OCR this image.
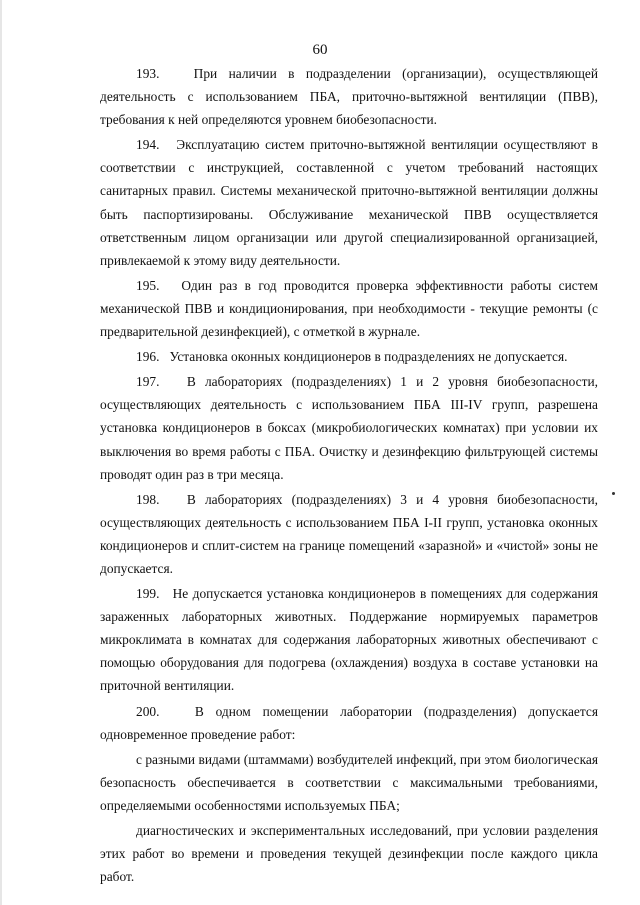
60

193.   При наличии в подразделении (организации), осуществляющей деятельность с использованием ПБА, приточно-вытяжной вентиляции (ПВВ), требования к ней определяются уровнем биобезопасности.

194.   Эксплуатацию систем приточно-вытяжной вентиляции осуществляют в соответствии с инструкцией, составленной с учетом требований настоящих санитарных правил. Системы механической приточно-вытяжной вентиляции должны быть паспортизированы. Обслуживание механической ПВВ осуществляется ответственным лицом организации или другой специализированной организацией, привлекаемой к этому виду деятельности.

195.   Один раз в год проводится проверка эффективности работы систем механической ПВВ и кондиционирования, при необходимости - текущие ремонты (с предварительной дезинфекцией), с отметкой в журнале.

196.   Установка оконных кондиционеров в подразделениях не допускается.

197.   В лабораториях (подразделениях) 1 и 2 уровня биобезопасности, осуществляющих деятельность с использованием ПБА III-IV групп, разрешена установка кондиционеров в боксах (микробиологических комнатах) при условии их выключения во время работы с ПБА. Очистку и дезинфекцию фильтрующей системы проводят один раз в три месяца.

198.   В лабораториях (подразделениях) 3 и 4 уровня биобезопасности, осуществляющих деятельность с использованием ПБА I-II групп, установка оконных кондиционеров и сплит-систем на границе помещений «заразной» и «чистой» зоны не допускается.

199.   Не допускается установка кондиционеров в помещениях для содержания зараженных лабораторных животных. Поддержание нормируемых параметров микроклимата в комнатах для содержания лабораторных животных обеспечивают с помощью оборудования для подогрева (охлаждения) воздуха в составе установки на приточной вентиляции.

200.   В одном помещении лаборатории (подразделения) допускается одновременное проведение работ:

с разными видами (штаммами) возбудителей инфекций, при этом биологическая безопасность обеспечивается в соответствии с максимальными требованиями, определяемыми особенностями используемых ПБА;

диагностических и экспериментальных исследований, при условии разделения этих работ во времени и проведения текущей дезинфекции после каждого цикла работ.
